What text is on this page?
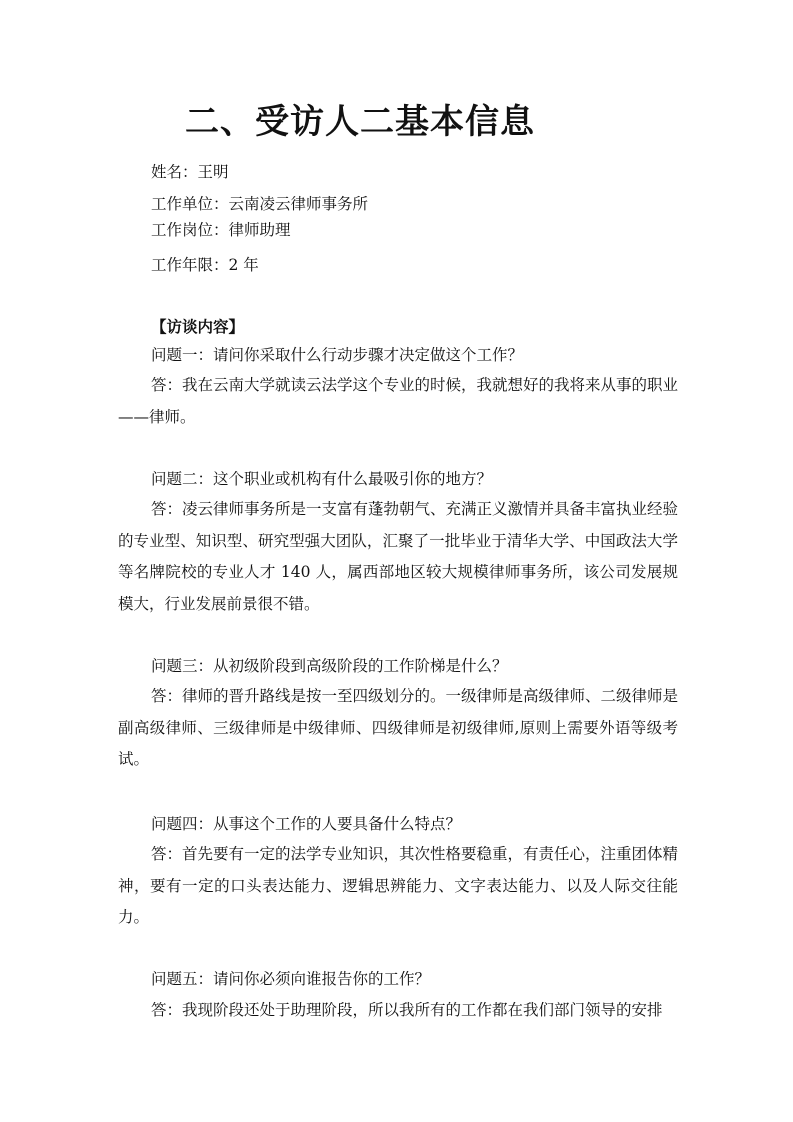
二、受访人二基本信息
姓名：王明
工作单位：云南凌云律师事务所
工作岗位：律师助理
工作年限：2 年
【访谈内容】
问题一：请问你采取什么行动步骤才决定做这个工作？

答：我在云南大学就读云法学这个专业的时候，我就想好的我将来从事的职业——律师。

问题二：这个职业或机构有什么最吸引你的地方？

答：凌云律师事务所是一支富有蓬勃朝气、充满正义激情并具备丰富执业经验的专业型、知识型、研究型强大团队，汇聚了一批毕业于清华大学、中国政法大学等名牌院校的专业人才 140 人，属西部地区较大规模律师事务所，该公司发展规模大，行业发展前景很不错。

问题三：从初级阶段到高级阶段的工作阶梯是什么？

答：律师的晋升路线是按一至四级划分的。一级律师是高级律师、二级律师是副高级律师、三级律师是中级律师、四级律师是初级律师,原则上需要外语等级考试。

问题四：从事这个工作的人要具备什么特点？

答：首先要有一定的法学专业知识，其次性格要稳重，有责任心，注重团体精神，要有一定的口头表达能力、逻辑思辨能力、文字表达能力、以及人际交往能力。

问题五：请问你必须向谁报告你的工作？
答：我现阶段还处于助理阶段，所以我所有的工作都在我们部门领导的安排
